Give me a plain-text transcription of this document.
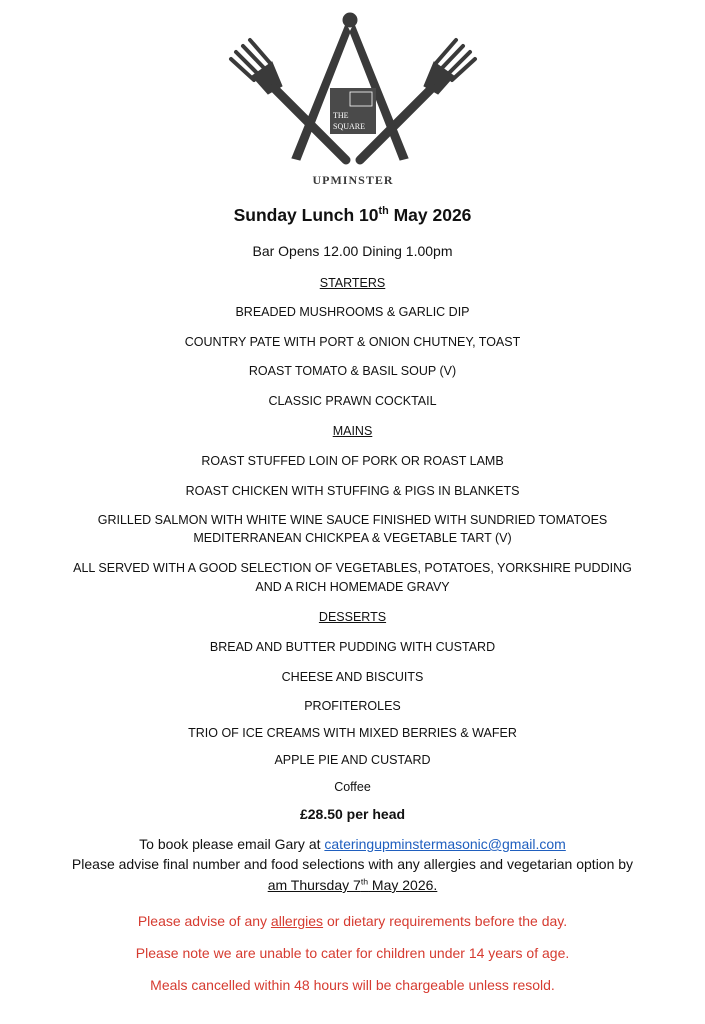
THE
SQUARE
UPMINSTER
Sunday Lunch 10th May 2026
Bar Opens 12.00 Dining 1.00pm
STARTERS
BREADED MUSHROOMS & GARLIC DIP
COUNTRY PATE WITH PORT & ONION CHUTNEY, TOAST
ROAST TOMATO & BASIL SOUP (V)
CLASSIC PRAWN COCKTAIL
MAINS
ROAST STUFFED LOIN OF PORK OR ROAST LAMB
ROAST CHICKEN WITH STUFFING & PIGS IN BLANKETS
GRILLED SALMON WITH WHITE WINE SAUCE FINISHED WITH SUNDRIED TOMATOES
MEDITERRANEAN CHICKPEA & VEGETABLE TART (V)
ALL SERVED WITH A GOOD SELECTION OF VEGETABLES, POTATOES, YORKSHIRE PUDDING
AND A RICH HOMEMADE GRAVY
DESSERTS
BREAD AND BUTTER PUDDING WITH CUSTARD
CHEESE AND BISCUITS
PROFITEROLES
TRIO OF ICE CREAMS WITH MIXED BERRIES & WAFER
APPLE PIE AND CUSTARD
Coffee
£28.50 per head
To book please email Gary at cateringupminstermasonic@gmail.com
Please advise final number and food selections with any allergies and vegetarian option by
am Thursday 7th May 2026.
Please advise of any allergies or dietary requirements before the day.
Please note we are unable to cater for children under 14 years of age.
Meals cancelled within 48 hours will be chargeable unless resold.
